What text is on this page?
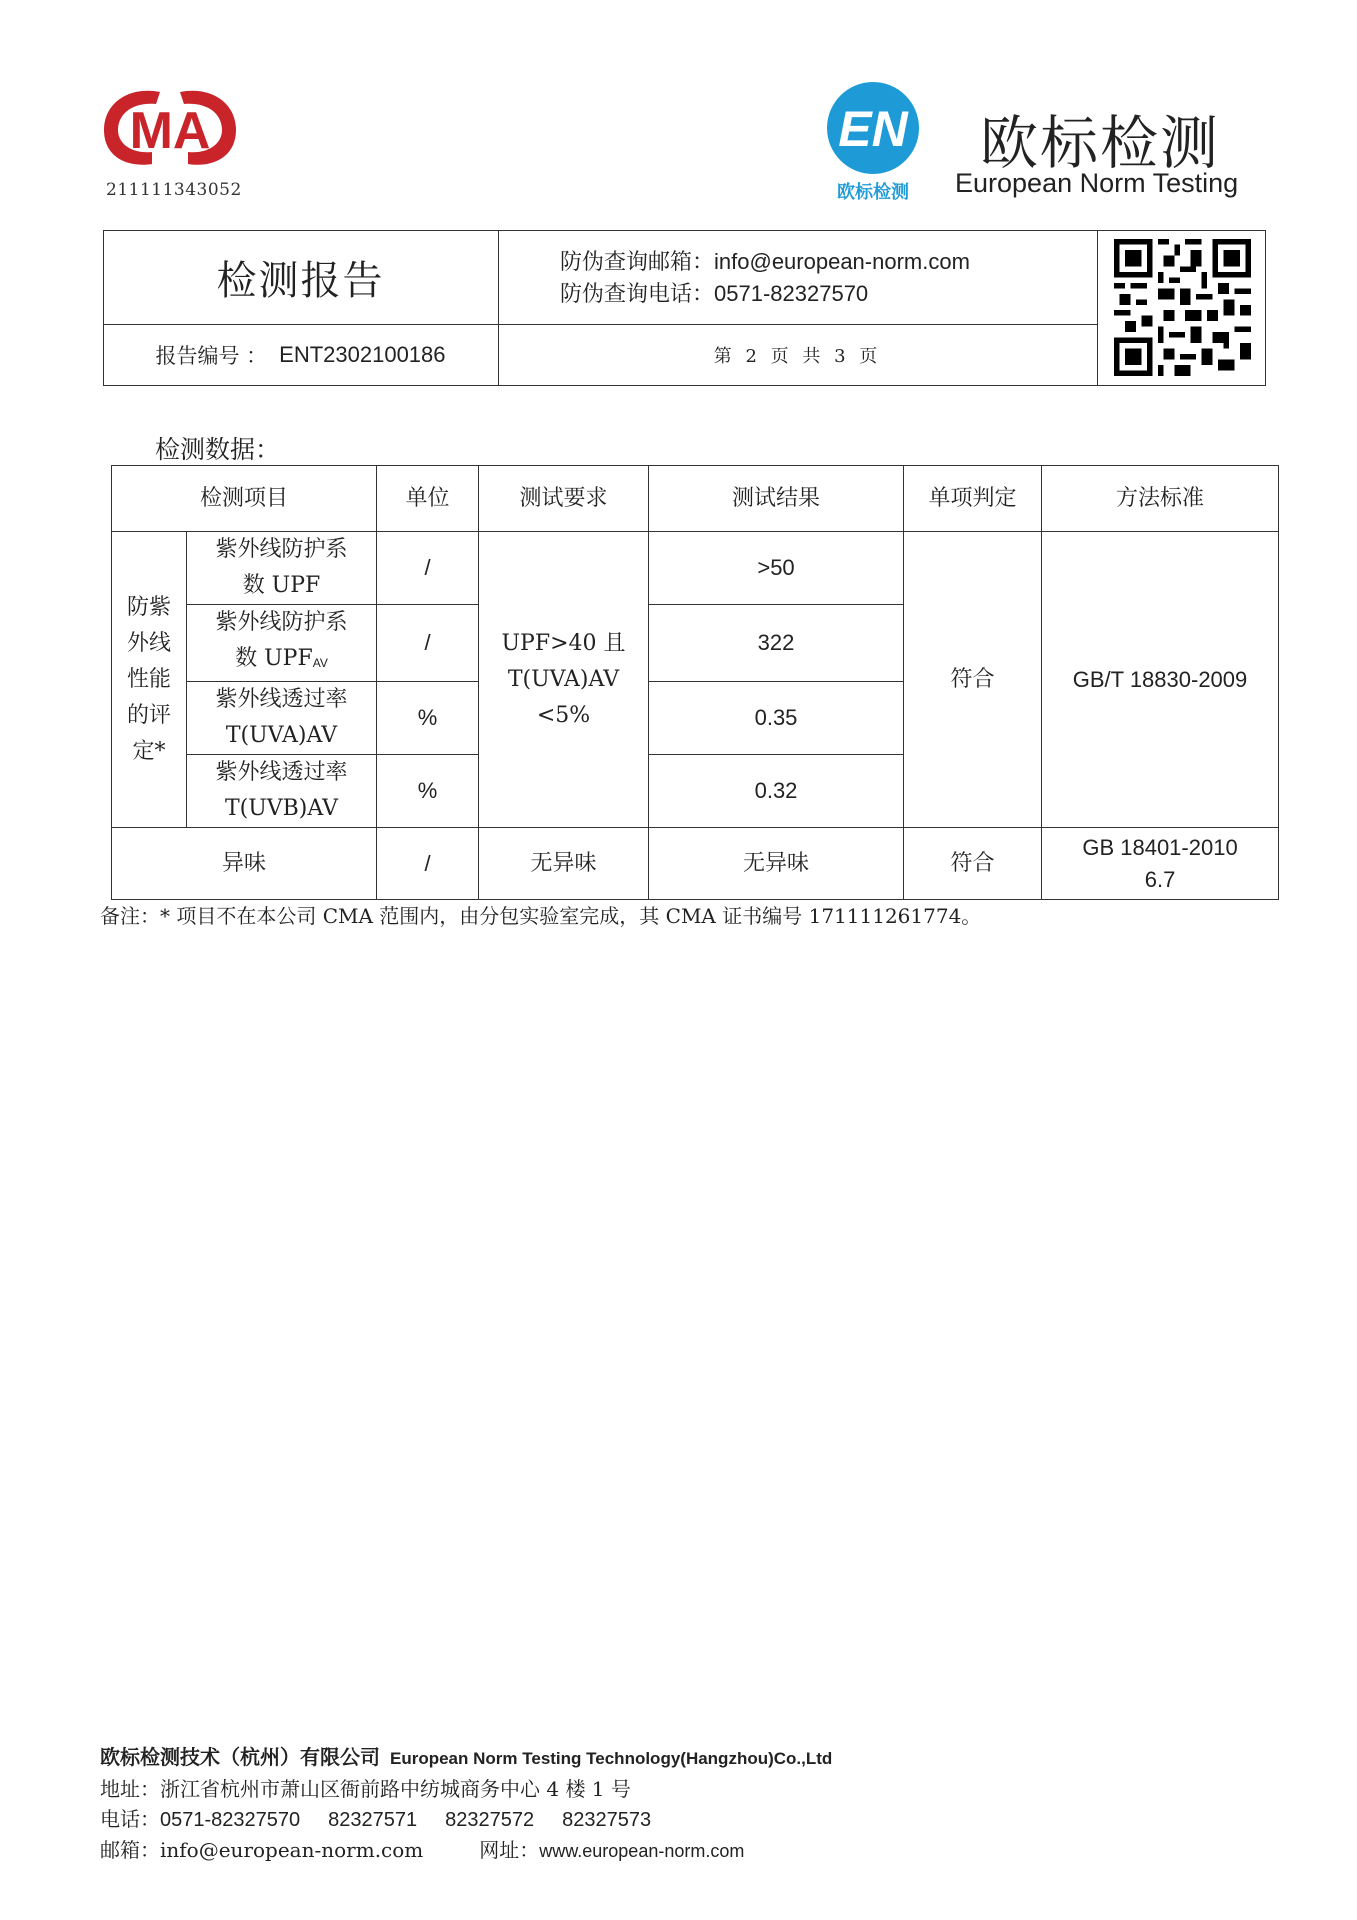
MA
211111343052
EN
欧标检测
欧标检测
European Norm Testing
检测报告	防伪查询邮箱：info@european-norm.com
防伪查询电话：0571-82327570
报告编号 ： ENT2302100186	第 2 页 共 3 页
检测数据：
检测项目		单位	测试要求	测试结果	单项判定	方法标准

防紫外线性能的评定*	紫外线防护系数 UPF	/	UPF>40 且 T(UVA)AV <5%	>50	符合	GB/T 18830-2009

	紫外线防护系数 $UPF_{AV}$	/		322		

	紫外线透过率 T(UVA)AV	%		0.35		

	紫外线透过率 T(UVB)AV	%		0.32		
异味		/	无异味	无异味	符合	GB 18401-2010 6.7
备注：* 项目不在本公司 CMA 范围内，由分包实验室完成，其 CMA 证书编号 171111261774。
欧标检测技术（杭州）有限公司 European Norm Testing Technology(Hangzhou)Co.,Ltd
地址：浙江省杭州市萧山区衙前路中纺城商务中心 4 楼 1 号
电话：0571-82327570 82327571 82327572 82327573
邮箱：info@european-norm.com	网址：www.european-norm.com
